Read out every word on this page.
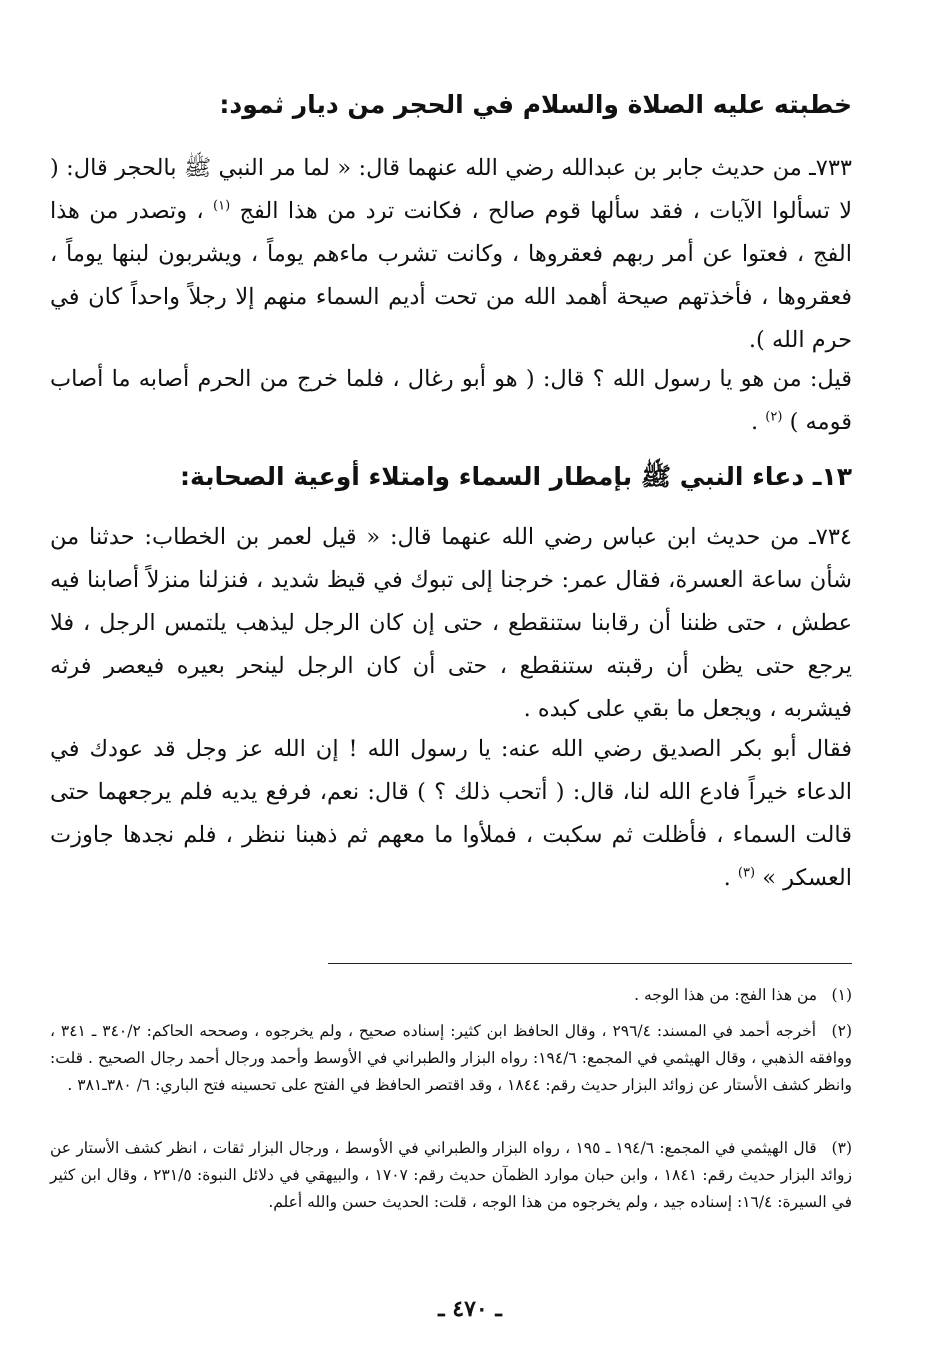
خطبته عليه الصلاة والسلام في الحجر من ديار ثمود:
٧٣٣ـ من حديث جابر بن عبدالله رضي الله عنهما قال: « لما مر النبي ﷺ بالحجر قال: ( لا تسألوا الآيات ، فقد سألها قوم صالح ، فكانت ترد من هذا الفج $^{(١)}$ ، وتصدر من هذا الفج ، فعتوا عن أمر ربهم فعقروها ، وكانت تشرب ماءهم يوماً ، ويشربون لبنها يوماً ، فعقروها ، فأخذتهم صيحة أهمد الله من تحت أديم السماء منهم إلا رجلاً واحداً كان في حرم الله ).
قيل: من هو يا رسول الله ؟ قال: ( هو أبو رغال ، فلما خرج من الحرم أصابه ما أصاب قومه ) $^{(٢)}$ .
١٣ـ دعاء النبي ﷺ بإمطار السماء وامتلاء أوعية الصحابة:
٧٣٤ـ من حديث ابن عباس رضي الله عنهما قال: « قيل لعمر بن الخطاب: حدثنا من شأن ساعة العسرة، فقال عمر: خرجنا إلى تبوك في قيظ شديد ، فنزلنا منزلاً أصابنا فيه عطش ، حتى ظننا أن رقابنا ستنقطع ، حتى إن كان الرجل ليذهب يلتمس الرجل ، فلا يرجع حتى يظن أن رقبته ستنقطع ، حتى أن كان الرجل لينحر بعيره فيعصر فرثه فيشربه ، ويجعل ما بقي على كبده .
فقال أبو بكر الصديق رضي الله عنه: يا رسول الله ! إن الله عز وجل قد عودك في الدعاء خيراً فادع الله لنا، قال: ( أتحب ذلك ؟ ) قال: نعم، فرفع يديه فلم يرجعهما حتى قالت السماء ، فأظلت ثم سكبت ، فملأوا ما معهم ثم ذهبنا ننظر ، فلم نجدها جاوزت العسكر » $^{(٣)}$ .
(١) من هذا الفج: من هذا الوجه .
(٢) أخرجه أحمد في المسند: ٢٩٦/٤ ، وقال الحافظ ابن كثير: إسناده صحيح ، ولم يخرجوه ، وصححه الحاكم: ٣٤٠/٢ ـ ٣٤١ ، ووافقه الذهبي ، وقال الهيثمي في المجمع: ١٩٤/٦: رواه البزار والطبراني في الأوسط وأحمد ورجال أحمد رجال الصحيح . قلت: وانظر كشف الأستار عن زوائد البزار حديث رقم: ١٨٤٤ ، وقد اقتصر الحافظ في الفتح على تحسينه فتح الباري: ٦/ ٣٨٠ـ٣٨١ .
(٣) قال الهيثمي في المجمع: ١٩٤/٦ ـ ١٩٥ ، رواه البزار والطبراني في الأوسط ، ورجال البزار ثقات ، انظر كشف الأستار عن زوائد البزار حديث رقم: ١٨٤١ ، وابن حبان موارد الظمآن حديث رقم: ١٧٠٧ ، والبيهقي في دلائل النبوة: ٢٣١/٥ ، وقال ابن كثير في السيرة: ١٦/٤: إسناده جيد ، ولم يخرجوه من هذا الوجه ، قلت: الحديث حسن والله أعلم.
ـ ٤٧٠ ـ
